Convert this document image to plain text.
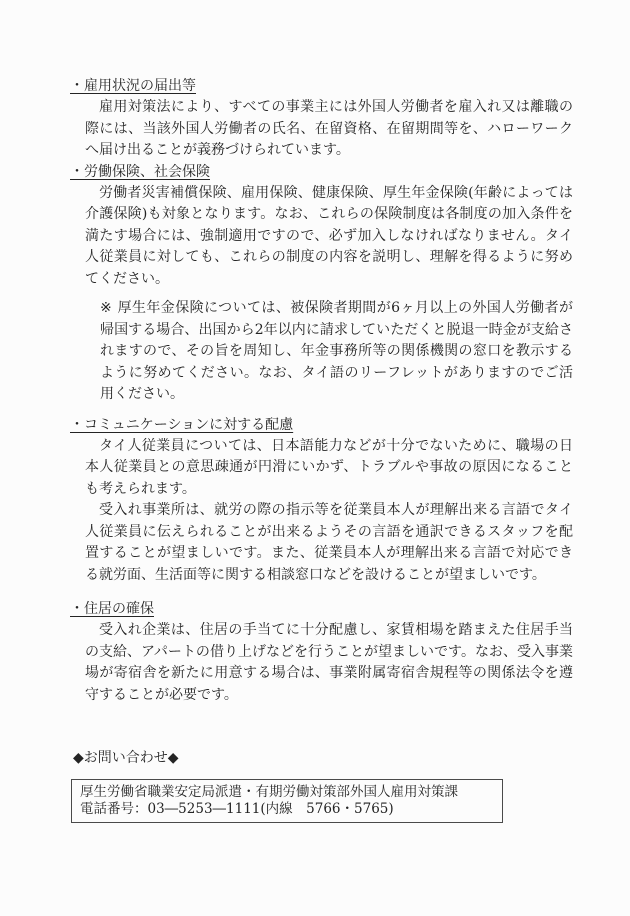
・雇用状況の届出等

雇用対策法により、すべての事業主には外国人労働者を雇入れ又は離職の際には、当該外国人労働者の氏名、在留資格、在留期間等を、ハローワークへ届け出ることが義務づけられています。

・労働保険、社会保険

労働者災害補償保険、雇用保険、健康保険、厚生年金保険(年齢によっては介護保険)も対象となります。なお、これらの保険制度は各制度の加入条件を満たす場合には、強制適用ですので、必ず加入しなければなりません。タイ人従業員に対しても、これらの制度の内容を説明し、理解を得るように努めてください。

※ 厚生年金保険については、被保険者期間が6ヶ月以上の外国人労働者が帰国する場合、出国から2年以内に請求していただくと脱退一時金が支給されますので、その旨を周知し、年金事務所等の関係機関の窓口を教示するように努めてください。なお、タイ語のリーフレットがありますのでご活用ください。

・コミュニケーションに対する配慮

タイ人従業員については、日本語能力などが十分でないために、職場の日本人従業員との意思疎通が円滑にいかず、トラブルや事故の原因になることも考えられます。

受入れ事業所は、就労の際の指示等を従業員本人が理解出来る言語でタイ人従業員に伝えられることが出来るようその言語を通訳できるスタッフを配置することが望ましいです。また、従業員本人が理解出来る言語で対応できる就労面、生活面等に関する相談窓口などを設けることが望ましいです。

・住居の確保

受入れ企業は、住居の手当てに十分配慮し、家賃相場を踏まえた住居手当の支給、アパートの借り上げなどを行うことが望ましいです。なお、受入事業場が寄宿舎を新たに用意する場合は、事業附属寄宿舎規程等の関係法令を遵守することが必要です。

◆お問い合わせ◆
厚生労働省職業安定局派遣・有期労働対策部外国人雇用対策課
電話番号：03―5253―1111(内線　5766・5765)
